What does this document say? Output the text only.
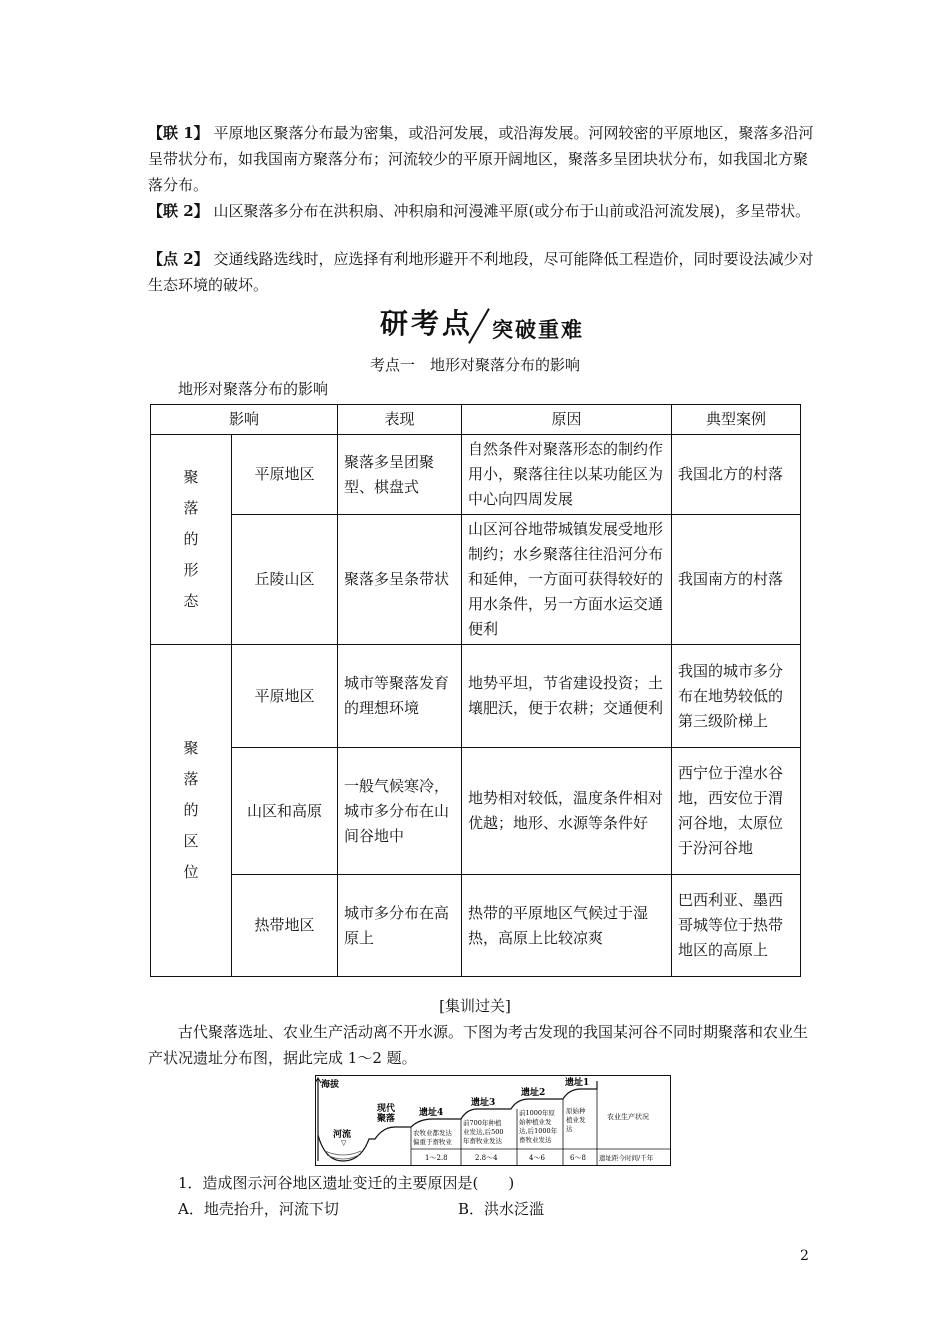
【联 1】 平原地区聚落分布最为密集，或沿河发展，或沿海发展。河网较密的平原地区，聚落多沿河呈带状分布，如我国南方聚落分布；河流较少的平原开阔地区，聚落多呈团块状分布，如我国北方聚落分布。

【联 2】 山区聚落多分布在洪积扇、冲积扇和河漫滩平原(或分布于山前或沿河流发展)，多呈带状。

【点 2】 交通线路选线时，应选择有利地形避开不利地段，尽可能降低工程造价，同时要设法减少对生态环境的破坏。

研考点 突破重难
考点一　地形对聚落分布的影响
地形对聚落分布的影响
影响		表现	原因	典型案例

聚落的形态	平原地区	聚落多呈团聚型、棋盘式	自然条件对聚落形态的制约作用小，聚落往往以某功能区为中心向四周发展	我国北方的村落
	丘陵山区	聚落多呈条带状	山区河谷地带城镇发展受地形制约；水乡聚落往往沿河分布和延伸，一方面可获得较好的用水条件，另一方面水运交通便利	我国南方的村落

聚落的区位	平原地区	城市等聚落发育的理想环境	地势平坦，节省建设投资；土壤肥沃，便于农耕；交通便利	我国的城市多分布在地势较低的第三级阶梯上
	山区和高原	一般气候寒冷，城市多分布在山间谷地中	地势相对较低，温度条件相对优越；地形、水源等条件好	西宁位于湟水谷地，西安位于渭河谷地，太原位于汾河谷地
	热带地区	城市多分布在高原上	热带的平原地区气候过于湿热，高原上比较凉爽	巴西利亚、墨西哥城等位于热带地区的高原上
[集训过关]

古代聚落选址、农业生产活动离不开水源。下图为考古发现的我国某河谷不同时期聚落和农业生产状况遗址分布图，据此完成 1～2 题。

海拔
河流
▽
现代
聚落
遗址4
遗址3
遗址2
遗址1
农牧业都发达
偏重于畜牧业
前700年种植
业发达,后500
年畜牧业发达
前1000年原
始种植业发
达,后1000年
畜牧业发达
原始种
植业发
达
农业生产状况
1～2.8	2.8～4	4～6	6～8 遗址距今时间/千年
1．造成图示河谷地区遗址变迁的主要原因是(　　)
A．地壳抬升，河流下切	B．洪水泛滥
2
